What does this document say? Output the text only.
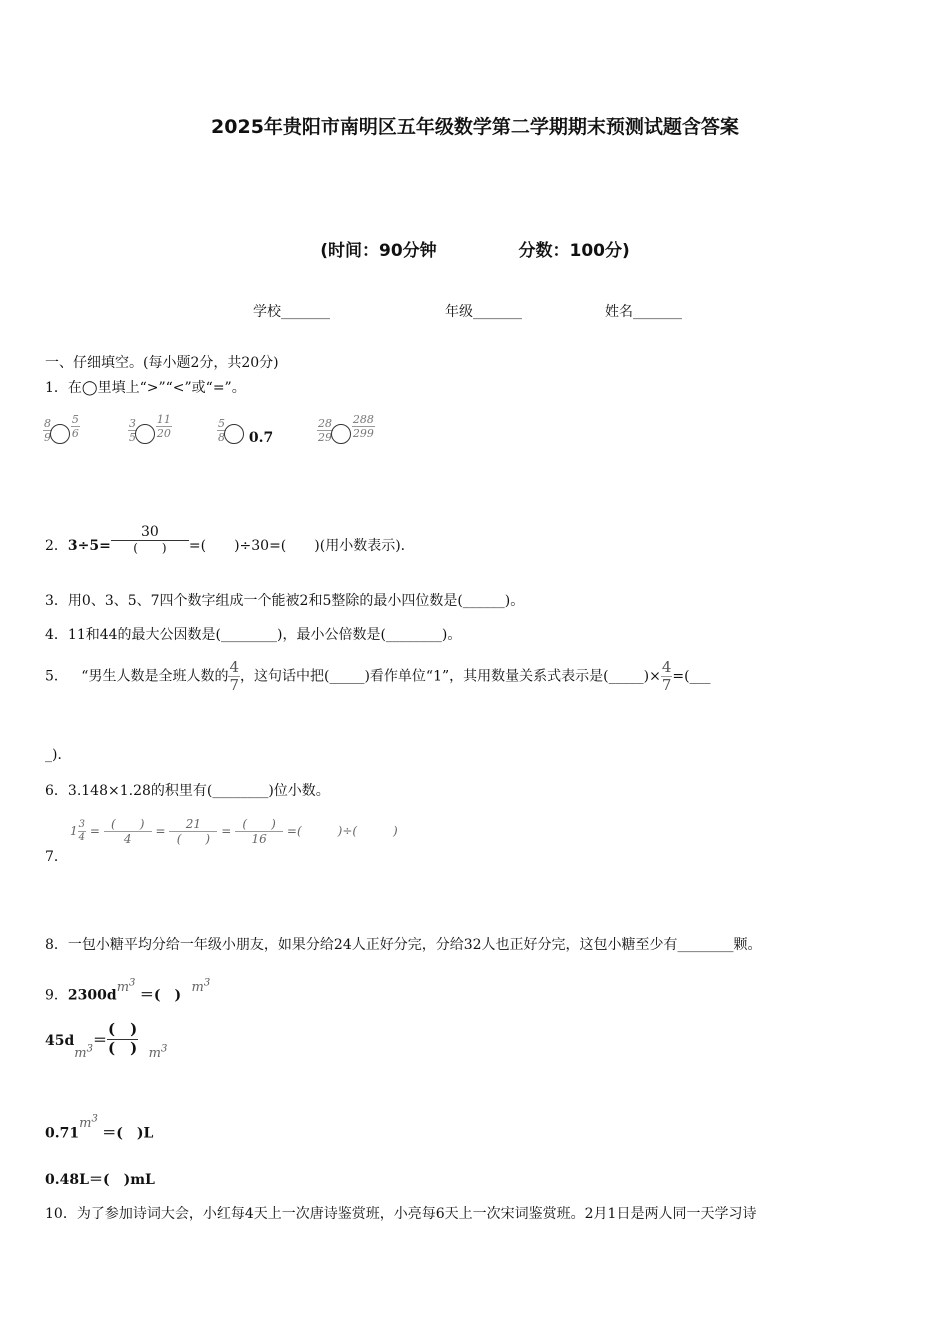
2025年贵阳市南明区五年级数学第二学期期末预测试题含答案
(时间：90分钟	分数：100分)
学校_______	年级_______	姓名_______
一、仔细填空。(每小题2分，共20分)
1．在◯里填上“>”“<”或“=”。
$\frac{8}{9}$
$\frac{5}{6}$	$\frac{3}{5}$
$\frac{11}{20}$	$\frac{5}{8} 0.7$	$\frac{28}{29}$
$\frac{288}{299}$
2．$3\div 5= \frac{30}{( )}$ =(　　)÷30=(　　)(用小数表示)．
3．用0、3、5、7四个数字组成一个能被2和5整除的最小四位数是(______)。
4．11和44的最大公因数是(________)，最小公倍数是(________)。
5． “男生人数是全班人数的 $\frac{4}{7}$ ，这句话中把(_____)看作单位“1”，其用数量关系式表示是(_____)× $\frac{4}{7}$ =(___
_)．
6．3.148×1.28的积里有(________)位小数。
$1 \frac{3}{4} = \frac{( )}{4} = \frac{21}{( )} = \frac{( )}{16}$ =(　　　)÷(　　　)
7．
8．一包小糖平均分给一年级小朋友，如果分给24人正好分完，分给32人也正好分完，这包小糖至少有________颗。
9．$2300dm^3$ ＝(　) $m^3$
$45dm^3= \frac{( )}{( )} m^3$
$0.71m^3$ ＝(　)L
0.48L＝(　)mL
10．为了参加诗词大会，小红每4天上一次唐诗鉴赏班，小亮每6天上一次宋词鉴赏班。2月1日是两人同一天学习诗
